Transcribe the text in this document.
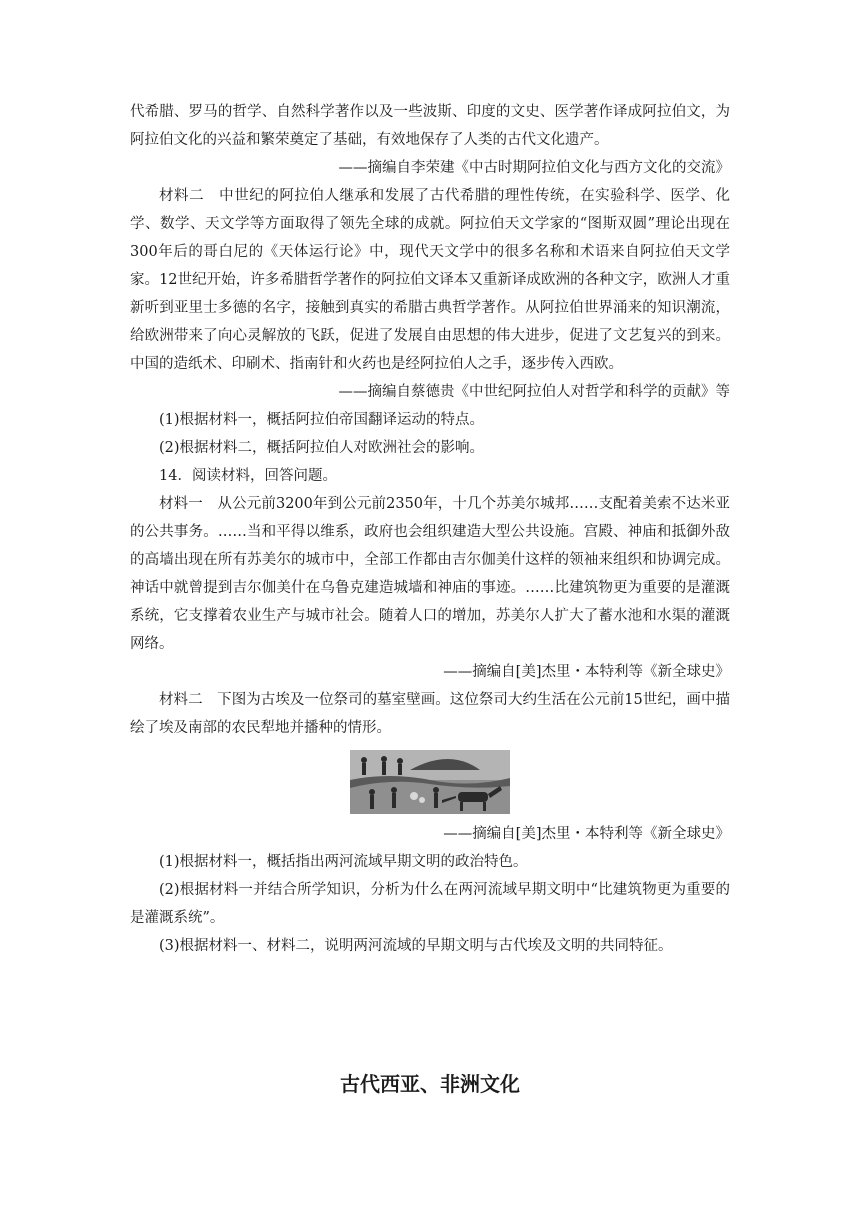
代希腊、罗马的哲学、自然科学著作以及一些波斯、印度的文史、医学著作译成阿拉伯文，为阿拉伯文化的兴益和繁荣奠定了基础，有效地保存了人类的古代文化遗产。

——摘编自李荣建《中古时期阿拉伯文化与西方文化的交流》

材料二　中世纪的阿拉伯人继承和发展了古代希腊的理性传统，在实验科学、医学、化学、数学、天文学等方面取得了领先全球的成就。阿拉伯天文学家的“图斯双圆”理论出现在300年后的哥白尼的《天体运行论》中，现代天文学中的很多名称和术语来自阿拉伯天文学家。12世纪开始，许多希腊哲学著作的阿拉伯文译本又重新译成欧洲的各种文字，欧洲人才重新听到亚里士多德的名字，接触到真实的希腊古典哲学著作。从阿拉伯世界涌来的知识潮流，给欧洲带来了向心灵解放的飞跃，促进了发展自由思想的伟大进步，促进了文艺复兴的到来。中国的造纸术、印刷术、指南针和火药也是经阿拉伯人之手，逐步传入西欧。

——摘编自蔡德贵《中世纪阿拉伯人对哲学和科学的贡献》等

(1)根据材料一，概括阿拉伯帝国翻译运动的特点。

(2)根据材料二，概括阿拉伯人对欧洲社会的影响。

14．阅读材料，回答问题。

材料一　从公元前3200年到公元前2350年，十几个苏美尔城邦……支配着美索不达米亚的公共事务。……当和平得以维系，政府也会组织建造大型公共设施。宫殿、神庙和抵御外敌的高墙出现在所有苏美尔的城市中，全部工作都由吉尔伽美什这样的领袖来组织和协调完成。神话中就曾提到吉尔伽美什在乌鲁克建造城墙和神庙的事迹。……比建筑物更为重要的是灌溉系统，它支撑着农业生产与城市社会。随着人口的增加，苏美尔人扩大了蓄水池和水渠的灌溉网络。

——摘编自[美]杰里・本特利等《新全球史》

材料二　下图为古埃及一位祭司的墓室壁画。这位祭司大约生活在公元前15世纪，画中描绘了埃及南部的农民犁地并播种的情形。

——摘编自[美]杰里・本特利等《新全球史》

(1)根据材料一，概括指出两河流域早期文明的政治特色。

(2)根据材料一并结合所学知识，分析为什么在两河流域早期文明中“比建筑物更为重要的是灌溉系统”。

(3)根据材料一、材料二，说明两河流域的早期文明与古代埃及文明的共同特征。

古代西亚、非洲文化
